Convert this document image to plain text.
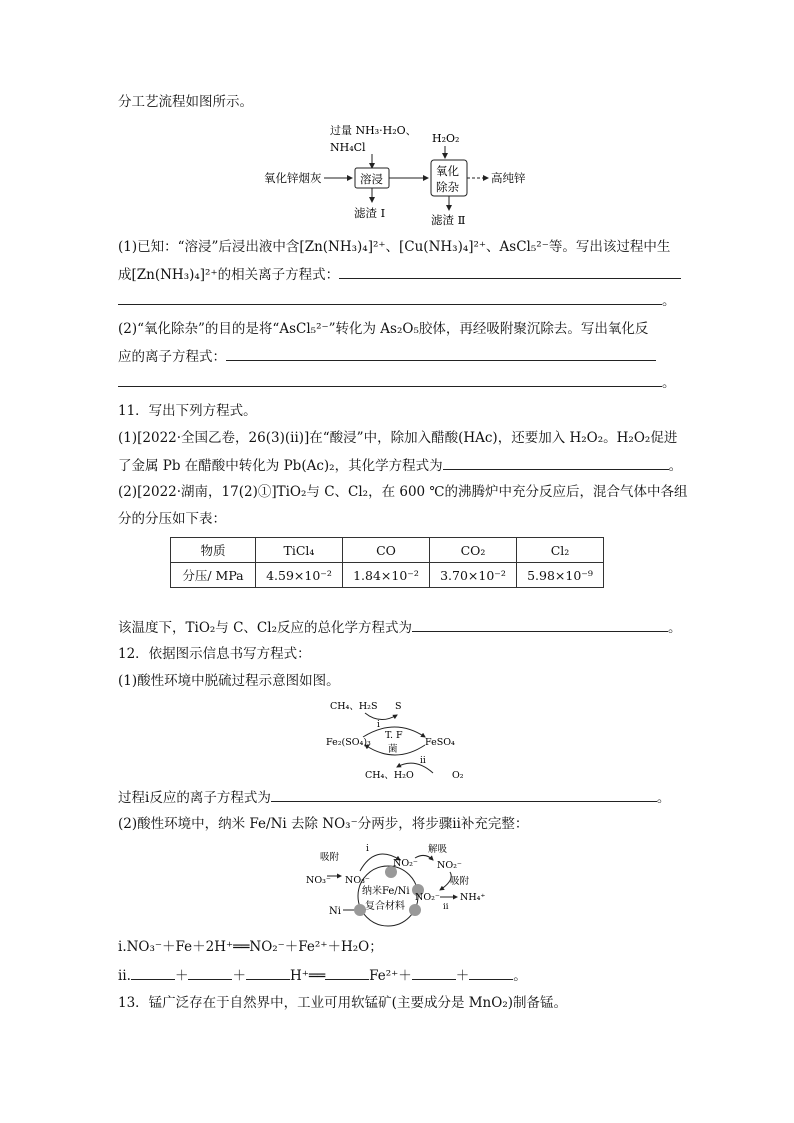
分工艺流程如图所示。
过量 NH₃·H₂O、
NH₄Cl
H₂O₂
氧化锌烟灰	溶浸
氧化
除杂
高纯锌
滤渣 Ⅰ	滤渣 Ⅱ
(1)已知：“溶浸”后浸出液中含[Zn(NH₃)₄]²⁺、[Cu(NH₃)₄]²⁺、AsCl₅²⁻等。写出该过程中生
成[Zn(NH₃)₄]²⁺的相关离子方程式：
。
(2)“氧化除杂”的目的是将“AsCl₅²⁻”转化为 As₂O₅胶体，再经吸附聚沉除去。写出氧化反
应的离子方程式：
。
11．写出下列方程式。
(1)[2022·全国乙卷，26(3)(ⅱ)]在“酸浸”中，除加入醋酸(HAc)，还要加入 H₂O₂。H₂O₂促进
了金属 Pb 在醋酸中转化为 Pb(Ac)₂，其化学方程式为	。
(2)[2022·湖南，17(2)①]TiO₂与 C、Cl₂，在 600 ℃的沸腾炉中充分反应后，混合气体中各组
分的分压如下表：
物质	TiCl₄	CO	CO₂	Cl₂
分压/ MPa	4.59×10⁻²	1.84×10⁻²	3.70×10⁻²	5.98×10⁻⁹
该温度下，TiO₂与 C、Cl₂反应的总化学方程式为	。
12．依据图示信息书写方程式：
(1)酸性环境中脱硫过程示意图如图。
CH₄、H₂S S
i
Fe₂(SO₄)₃
T. F
菌
FeSO₄
ii
CH₄、H₂O	O₂
过程ⅰ反应的离子方程式为	。
(2)酸性环境中，纳米 Fe/Ni 去除 NO₃⁻分两步，将步骤ⅱ补充完整：
吸附
NO₃⁻ NO₃⁻
i
NO₂⁻
解吸
NO₂⁻
吸附
NO₂⁻
ii
NH₄⁺
纳米Fe/Ni
复合材料
Ni
ⅰ.NO₃⁻＋Fe＋2H⁺══NO₂⁻＋Fe²⁺＋H₂O；
ⅱ.	＋	＋	H⁺══	Fe²⁺＋	＋	。
13．锰广泛存在于自然界中，工业可用软锰矿(主要成分是 MnO₂)制备锰。
